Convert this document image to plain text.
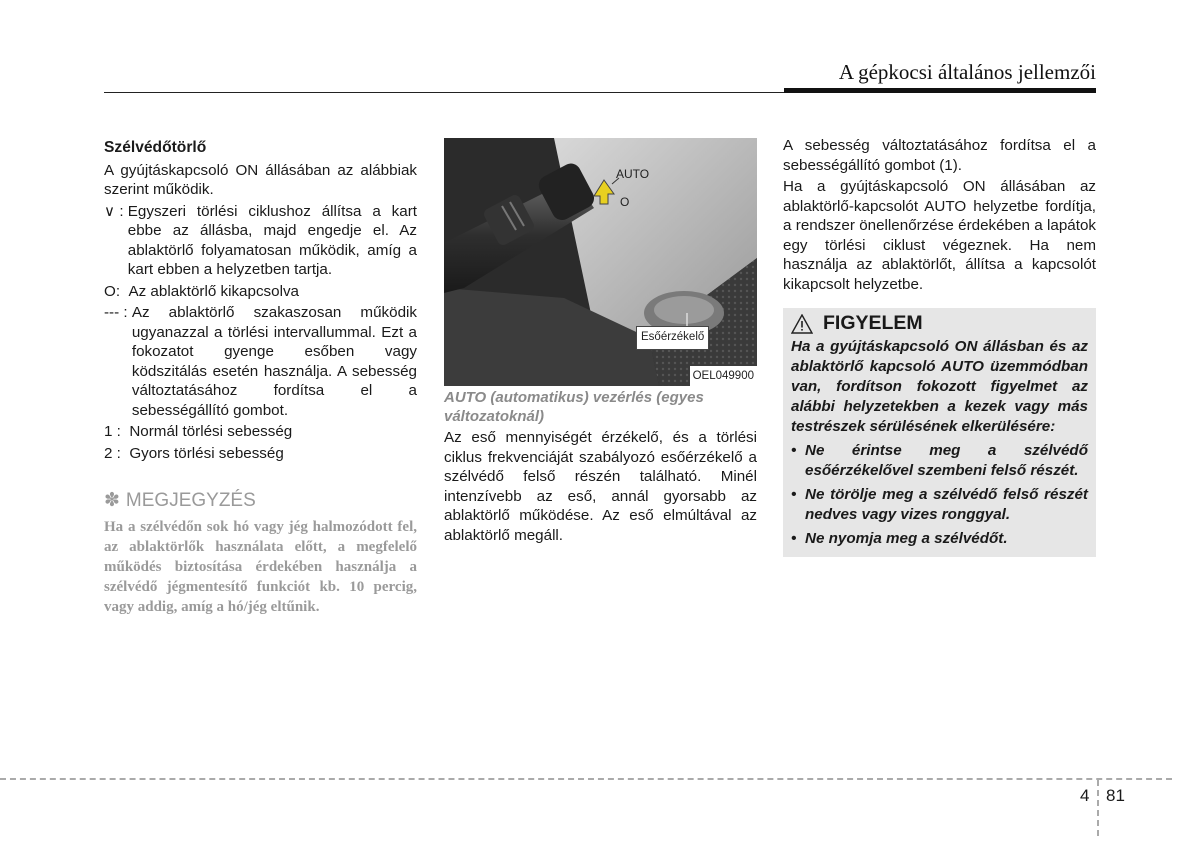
A gépkocsi általános jellemzői
Szélvédőtörlő

A gyújtáskapcsoló ON állásában az alábbiak szerint működik.

∨ : Egyszeri törlési ciklushoz állítsa a kart ebbe az állásba, majd engedje el. Az ablaktörlő folyamatosan működik, amíg a kart ebben a helyzetben tartja.
O: Az ablaktörlő kikapcsolva
--- : Az ablaktörlő szakaszosan működik ugyanazzal a törlési intervallummal. Ezt a fokozatot gyenge esőben vagy ködszitálás esetén használja. A sebesség változtatásához fordítsa el a sebességállító gombot.
1 : Normál törlési sebesség
2 : Gyors törlési sebesség
✽ MEGJEGYZÉS
Ha a szélvédőn sok hó vagy jég halmozódott fel, az ablaktörlők használata előtt, a megfelelő működés biztosítása érdekében használja a szélvédő jégmentesítő funkciót kb. 10 percig, vagy addig, amíg a hó/jég eltűnik.
AUTO
O
Esőérzékelő
OEL049900
AUTO (automatikus) vezérlés (egyes változatoknál)

Az eső mennyiségét érzékelő, és a törlési ciklus frekvenciáját szabályozó esőérzékelő a szélvédő felső részén található. Minél intenzívebb az eső, annál gyorsabb az ablaktörlő működése. Az eső elmúltával az ablaktörlő megáll.

A sebesség változtatásához fordítsa el a sebességállító gombot (1).

Ha a gyújtáskapcsoló ON állásában az ablaktörlő-kapcsolót AUTO helyzetbe fordítja, a rendszer önellenőrzése érdekében a lapátok egy törlési ciklust végeznek. Ha nem használja az ablaktörlőt, állítsa a kapcsolót kikapcsolt helyzetbe.

FIGYELEM
Ha a gyújtáskapcsoló ON állásban és az ablaktörlő kapcsoló AUTO üzemmódban van, fordítson fokozott figyelmet az alábbi helyzetekben a kezek vagy más testrészek sérülésének elkerülésére:
• Ne érintse meg a szélvédő esőérzékelővel szembeni felső részét.
• Ne törölje meg a szélvédő felső részét nedves vagy vizes ronggyal.
• Ne nyomja meg a szélvédőt.
4 81
